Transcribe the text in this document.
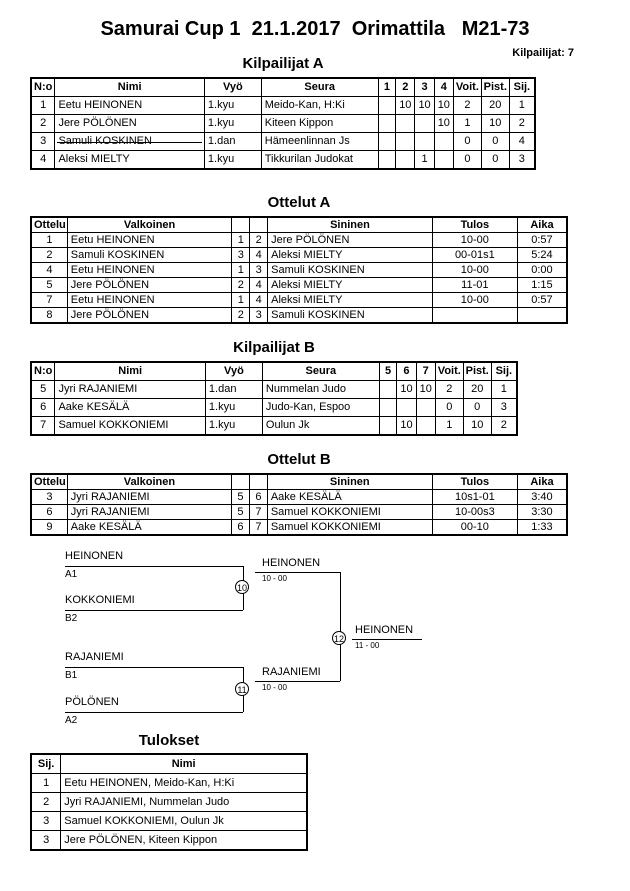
Samurai Cup 1  21.1.2017  Orimattila   M21-73
Kilpailijat: 7
Kilpailijat A
N:o	Nimi	Vyö	Seura	1	2	3	4	Voit.	Pist.	Sij.
1	Eetu HEINONEN	1.kyu	Meido-Kan, H:Ki		10	10	10	2	20	1
2	Jere PÖLÖNEN	1.kyu	Kiteen Kippon				10	1	10	2
3	Samuli KOSKINEN	1.dan	Hämeenlinnan Js					0	0	4
4	Aleksi MIELTY	1.kyu	Tikkurilan Judokat			1		0	0	3
Ottelut A
Ottelu	Valkoinen			Sininen	Tulos	Aika
1	Eetu HEINONEN	1	2	Jere PÖLÖNEN	10-00	0:57
2	Samuli KOSKINEN	3	4	Aleksi MIELTY	00-01s1	5:24
4	Eetu HEINONEN	1	3	Samuli KOSKINEN	10-00	0:00
5	Jere PÖLÖNEN	2	4	Aleksi MIELTY	11-01	1:15
7	Eetu HEINONEN	1	4	Aleksi MIELTY	10-00	0:57
8	Jere PÖLÖNEN	2	3	Samuli KOSKINEN		
Kilpailijat B
N:o	Nimi	Vyö	Seura	5	6	7	Voit.	Pist.	Sij.
5	Jyri RAJANIEMI	1.dan	Nummelan Judo		10	10	2	20	1
6	Aake KESÄLÄ	1.kyu	Judo-Kan, Espoo				0	0	3
7	Samuel KOKKONIEMI	1.kyu	Oulun Jk		10		1	10	2
Ottelut B
Ottelu	Valkoinen			Sininen	Tulos	Aika
3	Jyri RAJANIEMI	5	6	Aake KESÄLÄ	10s1-01	3:40
6	Jyri RAJANIEMI	5	7	Samuel KOKKONIEMI	10-00s3	3:30
9	Aake KESÄLÄ	6	7	Samuel KOKKONIEMI	00-10	1:33
HEINONEN
A1
KOKKONIEMI
B2
10
HEINONEN
10 - 00
RAJANIEMI
B1
PÖLÖNEN
A2
11
RAJANIEMI
10 - 00
12
HEINONEN
11 - 00
Tulokset
Sij.	Nimi
1	Eetu HEINONEN, Meido-Kan, H:Ki
2	Jyri RAJANIEMI, Nummelan Judo
3	Samuel KOKKONIEMI, Oulun Jk
3	Jere PÖLÖNEN, Kiteen Kippon
